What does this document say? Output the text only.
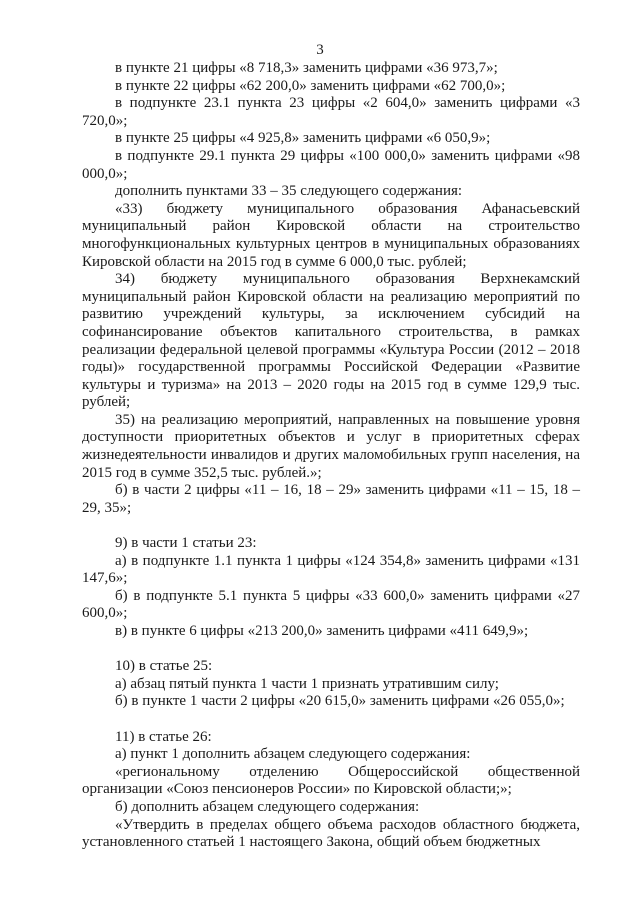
3

в пункте 21 цифры «8 718,3» заменить цифрами «36 973,7»;

в пункте 22 цифры «62 200,0» заменить цифрами «62 700,0»;

в подпункте 23.1 пункта 23 цифры «2 604,0» заменить цифрами «3 720,0»;

в пункте 25 цифры «4 925,8» заменить цифрами «6 050,9»;

в подпункте 29.1 пункта 29 цифры «100 000,0» заменить цифрами «98 000,0»;

дополнить пунктами 33 – 35 следующего содержания:

«33) бюджету муниципального образования Афанасьевский муниципальный район Кировской области на строительство многофункциональных культурных центров в муниципальных образованиях Кировской области на 2015 год в сумме 6 000,0 тыс. рублей;

34) бюджету муниципального образования Верхнекамский муниципальный район Кировской области на реализацию мероприятий по развитию учреждений культуры, за исключением субсидий на софинансирование объектов капитального строительства, в рамках реализации федеральной целевой программы «Культура России (2012 – 2018 годы)» государственной программы Российской Федерации «Развитие культуры и туризма» на 2013 – 2020 годы на 2015 год в сумме 129,9 тыс. рублей;

35) на реализацию мероприятий, направленных на повышение уровня доступности приоритетных объектов и услуг в приоритетных сферах жизнедеятельности инвалидов и других маломобильных групп населения, на 2015 год в сумме 352,5 тыс. рублей.»;

б) в части 2 цифры «11 – 16, 18 – 29» заменить цифрами «11 – 15, 18 – 29, 35»;

9) в части 1 статьи 23:

а) в подпункте 1.1 пункта 1 цифры «124 354,8» заменить цифрами «131 147,6»;

б) в подпункте 5.1 пункта 5 цифры «33 600,0» заменить цифрами «27 600,0»;

в) в пункте 6 цифры «213 200,0» заменить цифрами «411 649,9»;

10) в статье 25:

а) абзац пятый пункта 1 части 1 признать утратившим силу;

б) в пункте 1 части 2 цифры «20 615,0» заменить цифрами «26 055,0»;

11) в статье 26:

а) пункт 1 дополнить абзацем следующего содержания:

«региональному отделению Общероссийской общественной организации «Союз пенсионеров России» по Кировской области;»;

б) дополнить абзацем следующего содержания:

«Утвердить в пределах общего объема расходов областного бюджета, установленного статьей 1 настоящего Закона, общий объем бюджетных
